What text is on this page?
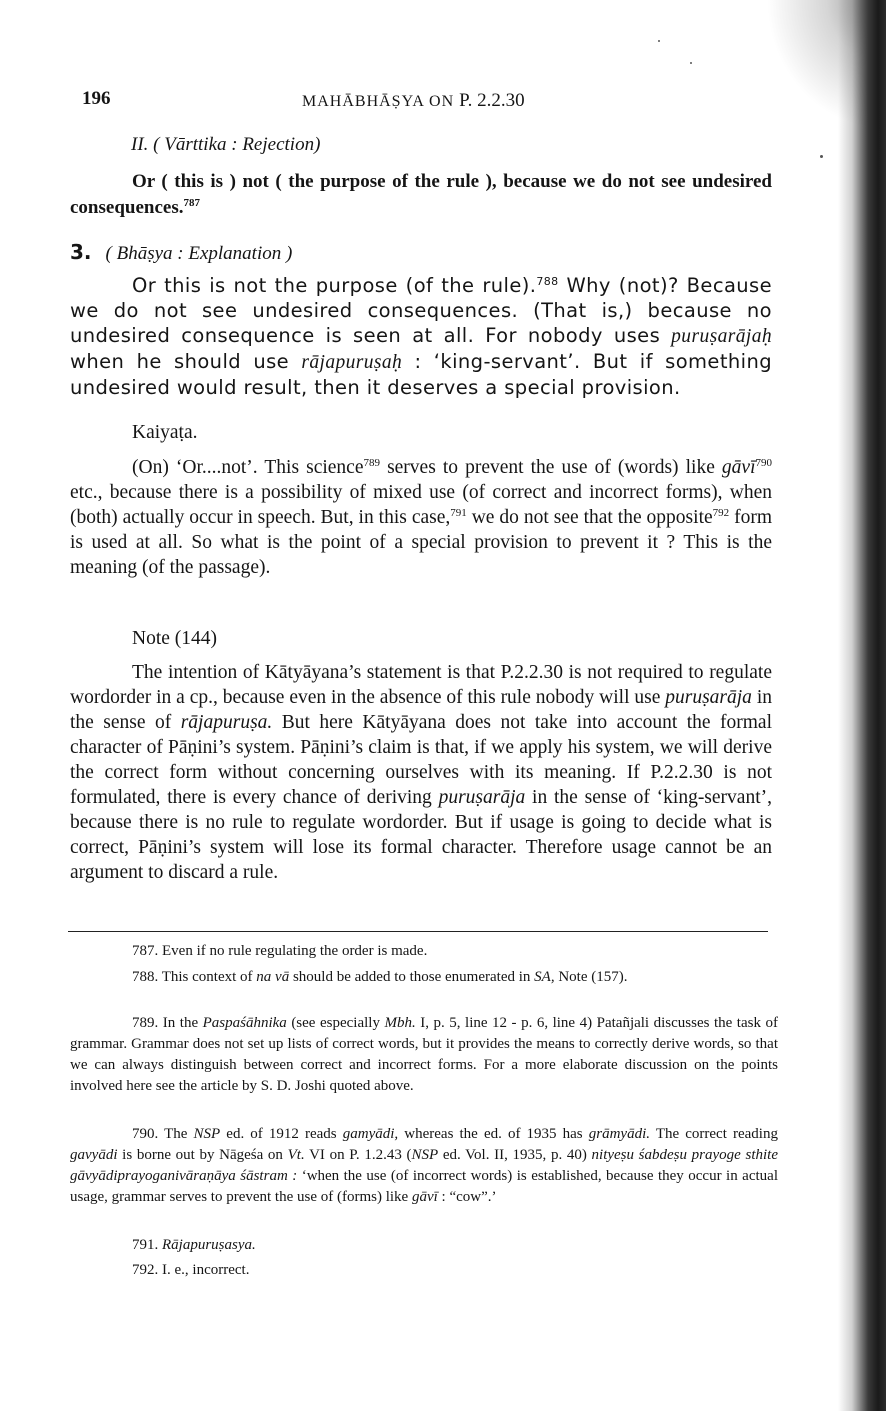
196	MAHĀBHĀṢYA ON P. 2.2.30
II. ( Vārttika : Rejection)

Or ( this is ) not ( the purpose of the rule ), because we do not see undesired consequences.$^{787}$

3. ( Bhāṣya : Explanation )

Or this is not the purpose (of the rule).$^{788}$ Why (not)? Because we do not see undesired consequences. (That is,) because no undesired consequence is seen at all. For nobody uses puruṣarājaḥ when he should use rājapuruṣaḥ : ‘king-servant’. But if something undesired would result, then it deserves a special provision.

Kaiyaṭa.

(On) ‘Or....not’. This science$^{789}$ serves to prevent the use of (words) like gāvī$^{790}$ etc., because there is a possibility of mixed use (of correct and incorrect forms), when (both) actually occur in speech. But, in this case,$^{791}$ we do not see that the opposite$^{792}$ form is used at all. So what is the point of a special provision to prevent it ? This is the meaning (of the passage).

Note (144)

The intention of Kātyāyana’s statement is that P.2.2.30 is not required to regulate wordorder in a cp., because even in the absence of this rule nobody will use puruṣarāja in the sense of rājapuruṣa. But here Kātyāyana does not take into account the formal character of Pāṇini’s system. Pāṇini’s claim is that, if we apply his system, we will derive the correct form without concerning ourselves with its meaning. If P.2.2.30 is not formulated, there is every chance of deriving puruṣarāja in the sense of ‘king-servant’, because there is no rule to regulate wordorder. But if usage is going to decide what is correct, Pāṇini’s system will lose its formal character. Therefore usage cannot be an argument to discard a rule.

787. Even if no rule regulating the order is made.

788. This context of na vā should be added to those enumerated in SA, Note (157).

789. In the Paspaśāhnika (see especially Mbh. I, p. 5, line 12 - p. 6, line 4) Patañjali discusses the task of grammar. Grammar does not set up lists of correct words, but it provides the means to correctly derive words, so that we can always distinguish between correct and incorrect forms. For a more elaborate discussion on the points involved here see the article by S. D. Joshi quoted above.

790. The NSP ed. of 1912 reads gamyādi, whereas the ed. of 1935 has grāmyādi. The correct reading gavyādi is borne out by Nāgeśa on Vt. VI on P. 1.2.43 (NSP ed. Vol. II, 1935, p. 40) nityeṣu śabdeṣu prayoge sthite gāvyādiprayoganivāraṇāya śāstram : ‘when the use (of incorrect words) is established, because they occur in actual usage, grammar serves to prevent the use of (forms) like gāvī : “cow”.’

791. Rājapuruṣasya.

792. I. e., incorrect.
